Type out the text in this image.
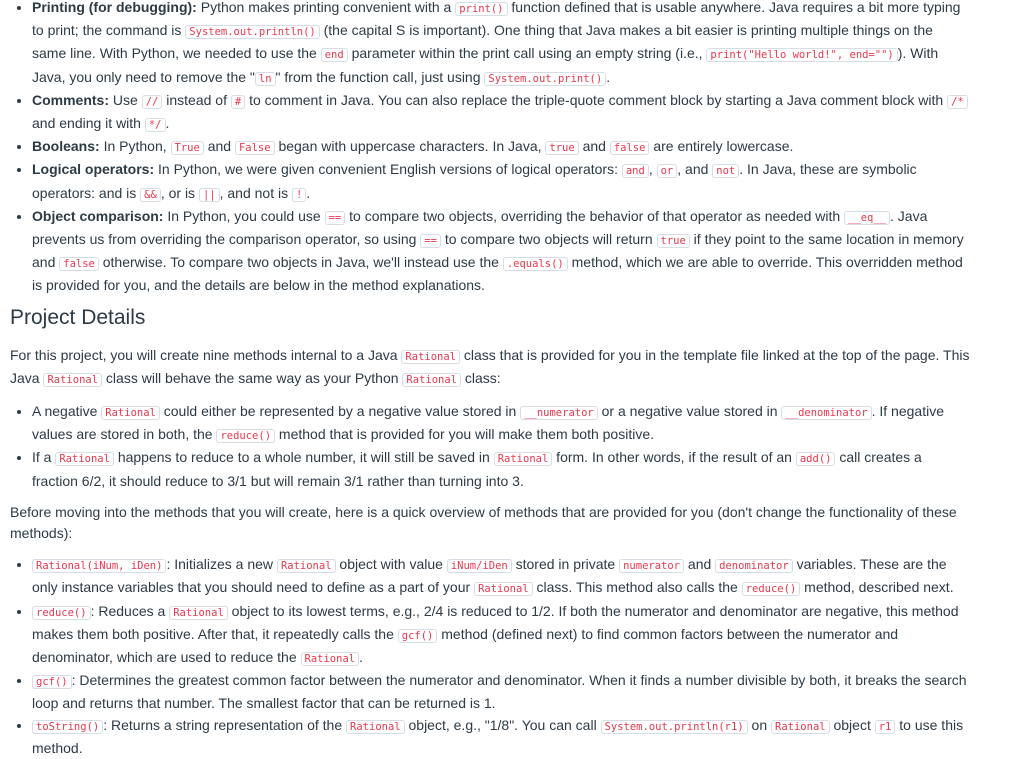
• Printing (for debugging): Python makes printing convenient with a print() function defined that is usable anywhere. Java requires a bit more typing to print; the command is System.out.println() (the capital S is important). One thing that Java makes a bit easier is printing multiple things on the same line. With Python, we needed to use the end parameter within the print call using an empty string (i.e., print("Hello world!", end="") ). With Java, you only need to remove the " ln " from the function call, just using System.out.print() .
• Comments: Use // instead of # to comment in Java. You can also replace the triple-quote comment block by starting a Java comment block with /* and ending it with */ .
• Booleans: In Python, True and False began with uppercase characters. In Java, true and false are entirely lowercase.
• Logical operators: In Python, we were given convenient English versions of logical operators: and , or , and not . In Java, these are symbolic operators: and is && , or is || , and not is ! .
• Object comparison: In Python, you could use == to compare two objects, overriding the behavior of that operator as needed with __eq__ . Java prevents us from overriding the comparison operator, so using == to compare two objects will return true if they point to the same location in memory and false otherwise. To compare two objects in Java, we'll instead use the .equals() method, which we are able to override. This overridden method is provided for you, and the details are below in the method explanations.
Project Details

For this project, you will create nine methods internal to a Java Rational class that is provided for you in the template file linked at the top of the page. This Java Rational class will behave the same way as your Python Rational class:

• A negative Rational could either be represented by a negative value stored in __numerator or a negative value stored in __denominator . If negative values are stored in both, the reduce() method that is provided for you will make them both positive.
• If a Rational happens to reduce to a whole number, it will still be saved in Rational form. In other words, if the result of an add() call creates a fraction 6/2, it should reduce to 3/1 but will remain 3/1 rather than turning into 3.

Before moving into the methods that you will create, here is a quick overview of methods that are provided for you (don't change the functionality of these methods):

• Rational(iNum, iDen) : Initializes a new Rational object with value iNum/iDen stored in private numerator and denominator variables. These are the only instance variables that you should need to define as a part of your Rational class. This method also calls the reduce() method, described next.
• reduce() : Reduces a Rational object to its lowest terms, e.g., 2/4 is reduced to 1/2. If both the numerator and denominator are negative, this method makes them both positive. After that, it repeatedly calls the gcf() method (defined next) to find common factors between the numerator and denominator, which are used to reduce the Rational .
• gcf() : Determines the greatest common factor between the numerator and denominator. When it finds a number divisible by both, it breaks the search loop and returns that number. The smallest factor that can be returned is 1.
• toString() : Returns a string representation of the Rational object, e.g., "1/8". You can call System.out.println(r1) on Rational object r1 to use this method.
